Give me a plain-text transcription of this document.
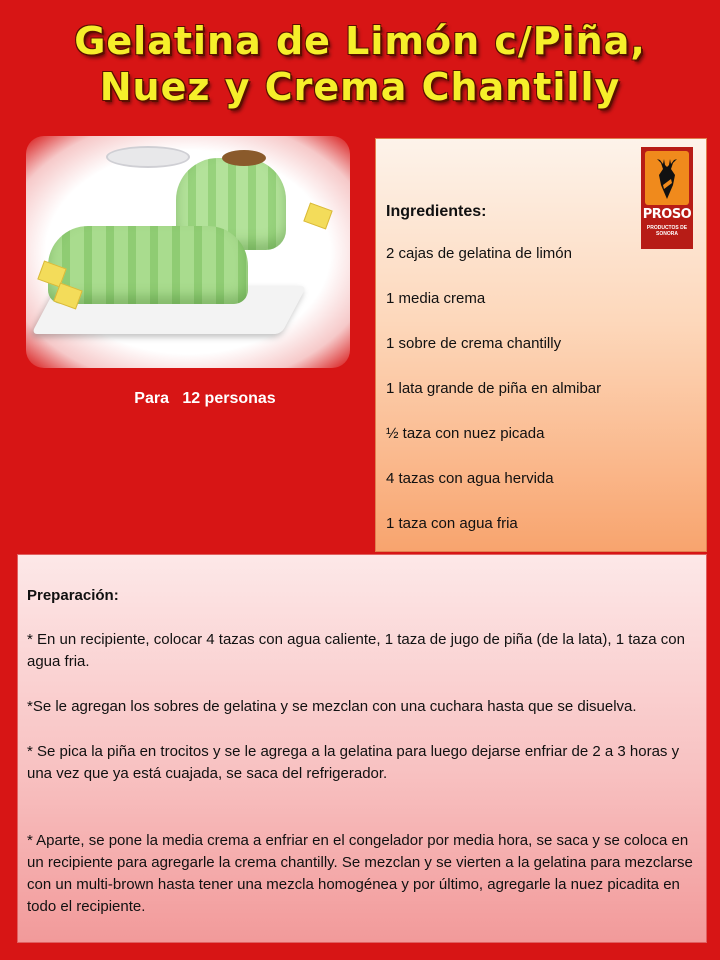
Gelatina de Limón c/Piña,
Nuez y Crema Chantilly
Para   12 personas
Ingredientes:
2 cajas de gelatina de limón
1 media crema
1 sobre de crema chantilly
1 lata grande de piña en almibar
½ taza con nuez picada
4 tazas con agua hervida
1 taza con agua fria
PROSO
PRODUCTOS DE SONORA
Preparación:
* En un recipiente, colocar 4 tazas con agua caliente, 1 taza de jugo de piña (de la lata), 1 taza con agua fria.
*Se le agregan los sobres de gelatina y se mezclan con una cuchara hasta que se disuelva.
* Se pica la piña en trocitos y se le agrega a la gelatina para luego dejarse enfriar de 2 a 3 horas y una vez que ya está cuajada, se saca del refrigerador.
* Aparte, se pone la media crema a enfriar en el congelador por media hora, se saca y se coloca en un recipiente para agregarle la crema chantilly. Se mezclan y se vierten a la gelatina para mezclarse con un multi-brown hasta tener una mezcla homogénea y por último, agregarle la nuez picadita en todo el recipiente.
